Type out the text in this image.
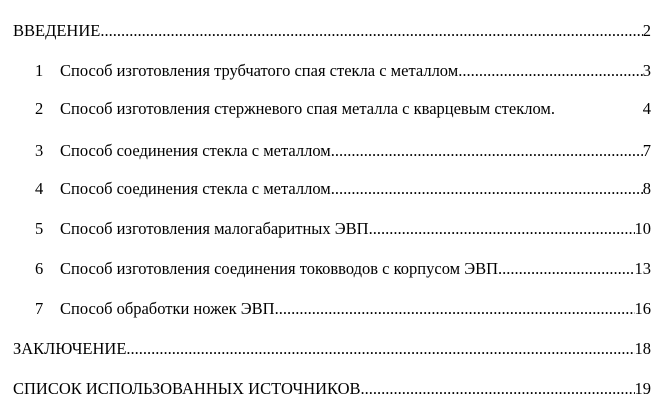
ВВЕДЕНИЕ .....	2
1	Способ изготовления трубчатого спая стекла с металлом .....	3
2	Способ изготовления стержневого спая металла с кварцевым стеклом .	4
3	Способ соединения стекла с металлом .....	7
4	Способ соединения стекла с металлом .....	8
5	Способ изготовления малогабаритных ЭВП .....	10
6	Способ изготовления соединения токовводов с корпусом ЭВП .....	13
7	Способ обработки ножек ЭВП .....	16
ЗАКЛЮЧЕНИЕ .....	18
СПИСОК ИСПОЛЬЗОВАННЫХ ИСТОЧНИКОВ .....	19
